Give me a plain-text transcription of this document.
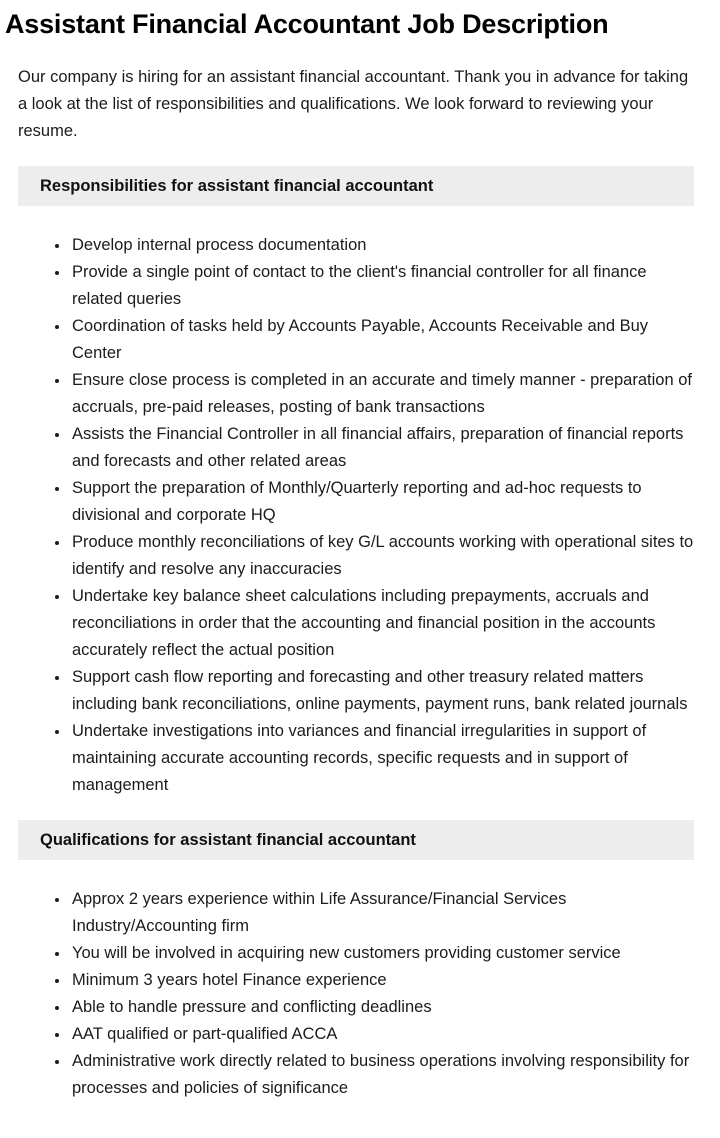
Assistant Financial Accountant Job Description

Our company is hiring for an assistant financial accountant. Thank you in advance for taking a look at the list of responsibilities and qualifications. We look forward to reviewing your resume.

Responsibilities for assistant financial accountant
• Develop internal process documentation
• Provide a single point of contact to the client's financial controller for all finance related queries
• Coordination of tasks held by Accounts Payable, Accounts Receivable and Buy Center
• Ensure close process is completed in an accurate and timely manner - preparation of accruals, pre-paid releases, posting of bank transactions
• Assists the Financial Controller in all financial affairs, preparation of financial reports and forecasts and other related areas
• Support the preparation of Monthly/Quarterly reporting and ad-hoc requests to divisional and corporate HQ
• Produce monthly reconciliations of key G/L accounts working with operational sites to identify and resolve any inaccuracies
• Undertake key balance sheet calculations including prepayments, accruals and reconciliations in order that the accounting and financial position in the accounts accurately reflect the actual position
• Support cash flow reporting and forecasting and other treasury related matters including bank reconciliations, online payments, payment runs, bank related journals
• Undertake investigations into variances and financial irregularities in support of maintaining accurate accounting records, specific requests and in support of management
Qualifications for assistant financial accountant
• Approx 2 years experience within Life Assurance/Financial Services Industry/Accounting firm
• You will be involved in acquiring new customers providing customer service
• Minimum 3 years hotel Finance experience
• Able to handle pressure and conflicting deadlines
• AAT qualified or part-qualified ACCA
• Administrative work directly related to business operations involving responsibility for processes and policies of significance
